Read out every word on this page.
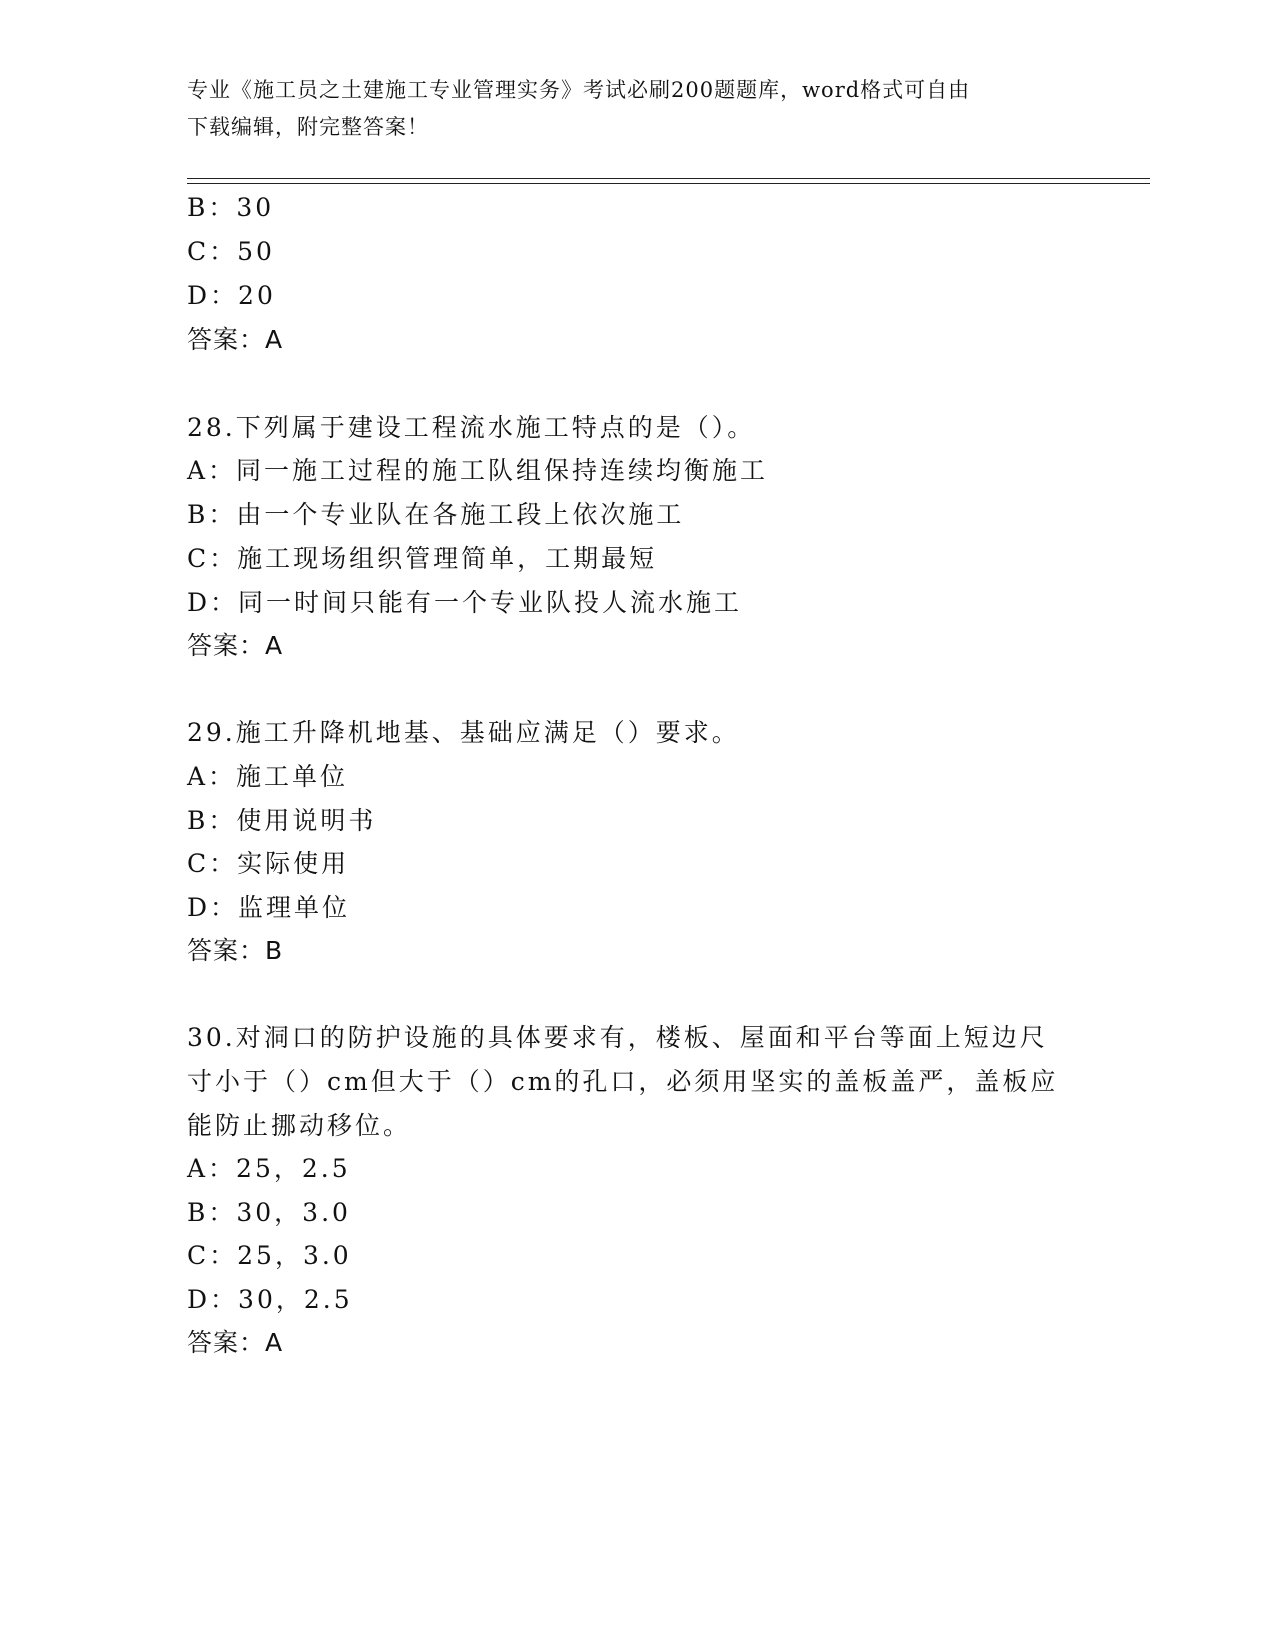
专业《施工员之土建施工专业管理实务》考试必刷200题题库，word格式可自由
下载编辑，附完整答案！
B：30
C：50
D：20
答案：A
28.下列属于建设工程流水施工特点的是（）。
A：同一施工过程的施工队组保持连续均衡施工
B：由一个专业队在各施工段上依次施工
C：施工现场组织管理简单，工期最短
D：同一时间只能有一个专业队投人流水施工
答案：A
29.施工升降机地基、基础应满足（）要求。
A：施工单位
B：使用说明书
C：实际使用
D：监理单位
答案：B
30.对洞口的防护设施的具体要求有，楼板、屋面和平台等面上短边尺
寸小于（）cm但大于（）cm的孔口，必须用坚实的盖板盖严，盖板应
能防止挪动移位。
A：25，2.5
B：30，3.0
C：25，3.0
D：30，2.5
答案：A
